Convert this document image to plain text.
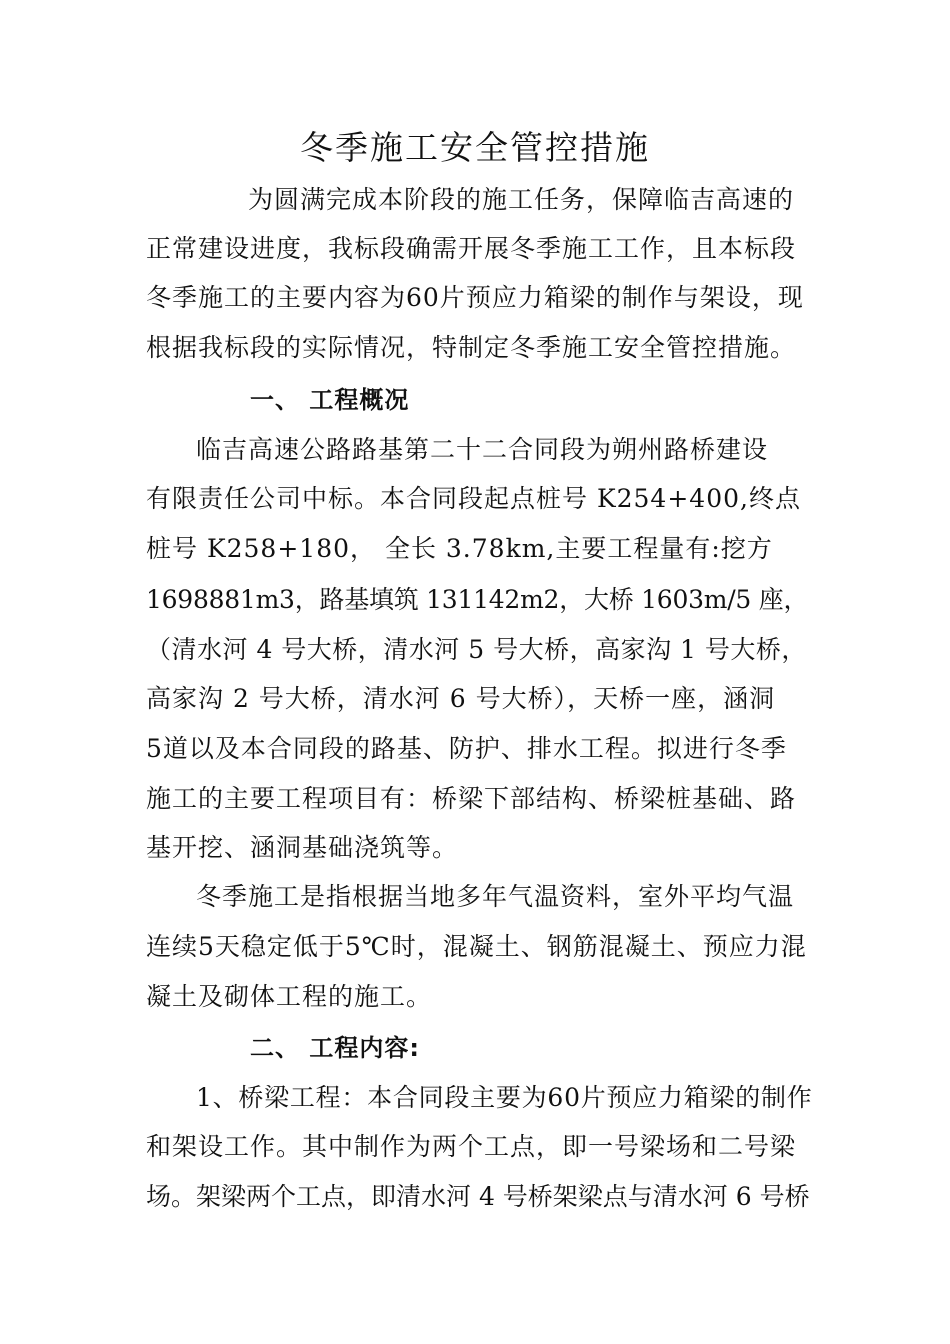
冬季施工安全管控措施
为圆满完成本阶段的施工任务，保障临吉高速的
正常建设进度，我标段确需开展冬季施工工作，且本标段
冬季施工的主要内容为60片预应力箱梁的制作与架设，现
根据我标段的实际情况，特制定冬季施工安全管控措施。
一、 工程概况
临吉高速公路路基第二十二合同段为朔州路桥建设
有限责任公司中标。本合同段起点桩号 K254+400,终点
桩号 K258+180， 全长 3.78km,主要工程量有:挖方
1698881m3，路基填筑 131142m2，大桥 1603m/5 座，
（清水河 4 号大桥，清水河 5 号大桥，高家沟 1 号大桥，
高家沟 2 号大桥，清水河 6 号大桥），天桥一座，涵洞
5道以及本合同段的路基、防护、排水工程。拟进行冬季
施工的主要工程项目有：桥梁下部结构、桥梁桩基础、路
基开挖、涵洞基础浇筑等。
冬季施工是指根据当地多年气温资料，室外平均气温
连续5天稳定低于5℃时，混凝土、钢筋混凝土、预应力混
凝土及砌体工程的施工。
二、 工程内容:
1、桥梁工程：本合同段主要为60片预应力箱梁的制作
和架设工作。其中制作为两个工点，即一号梁场和二号梁
场。架梁两个工点，即清水河 4 号桥架梁点与清水河 6 号桥
